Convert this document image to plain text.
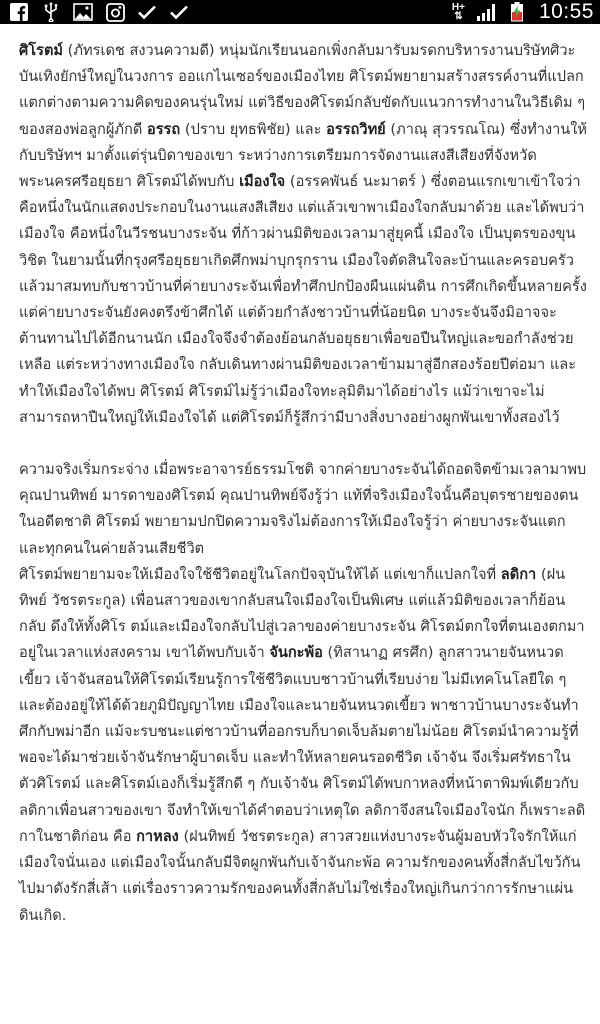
H+
⇅	10:55

ศิโรตม์ (ภัทรเดช สงวนความดี) หนุ่มนักเรียนนอกเพิ่งกลับมารับมรดกบริหารงานบริษัทศิวะบันเทิงยักษ์ใหญ่ในวงการ ออแกไนเซอร์ของเมืองไทย ศิโรตม์พยายามสร้างสรรค์งานที่แปลกแตกต่างตามความคิดของคนรุ่นใหม่ แต่วิธีของศิโรตม์กลับขัดกับแนวการทำงานในวิธีเดิม ๆ ของสองพ่อลูกผู้ภักดี อรรถ (ปราบ ยุทธพิชัย) และ อรรถวิทย์ (ภาณุ สุวรรณโณ) ซึ่งทำงานให้กับบริษัทฯ มาตั้งแต่รุ่นบิดาของเขา ระหว่างการเตรียมการจัดงานแสงสีเสียงที่จังหวัดพระนครศรีอยุธยา ศิโรตม์ได้พบกับ เมืองใจ (อรรคพันธ์ นะมาตร์ ) ซึ่งตอนแรกเขาเข้าใจว่า คือหนึ่งในนักแสดงประกอบในงานแสงสีเสียง แต่แล้วเขาพาเมืองใจกลับมาด้วย และได้พบว่าเมืองใจ คือหนึ่งในวีรชนบางระจัน ที่ก้าวผ่านมิติของเวลามาสู่ยุคนี้ เมืองใจ เป็นบุตรของขุนวิชิต ในยามนั้นที่กรุงศรีอยุธยาเกิดศึกพม่าบุกรุกราน เมืองใจตัดสินใจละบ้านและครอบครัวแล้วมาสมทบกับชาวบ้านที่ค่ายบางระจันเพื่อทำศึกปกป้องผืนแผ่นดิน การศึกเกิดขึ้นหลายครั้ง แต่ค่ายบางระจันยังคงตรึงข้าศึกได้ แต่ด้วยกำลังชาวบ้านที่น้อยนิด บางระจันจึงมิอาจจะต้านทานไปได้อีกนานนัก เมืองใจจึงจำต้องย้อนกลับอยุธยาเพื่อขอปืนใหญ่และขอกำลังช่วยเหลือ แต่ระหว่างทางเมืองใจ กลับเดินทางผ่านมิติของเวลาข้ามมาสู่อีกสองร้อยปีต่อมา และทำให้เมืองใจได้พบ ศิโรตม์ ศิโรตม์ไม่รู้ว่าเมืองใจทะลุมิติมาได้อย่างไร แม้ว่าเขาจะไม่สามารถหาปืนใหญ่ให้เมืองใจได้ แต่ศิโรตม์ก็รู้สึกว่ามีบางสิ่งบางอย่างผูกพันเขาทั้งสองไว้

ความจริงเริ่มกระจ่าง เมื่อพระอาจารย์ธรรมโชติ จากค่ายบางระจันได้ถอดจิตข้ามเวลามาพบคุณปานทิพย์ มารดาของศิโรตม์ คุณปานทิพย์จึงรู้ว่า แท้ที่จริงเมืองใจนั้นคือบุตรชายของตนในอดีตชาติ ศิโรตม์ พยายามปกปิดความจริงไม่ต้องการให้เมืองใจรู้ว่า ค่ายบางระจันแตกและทุกคนในค่ายล้วนเสียชีวิต

ศิโรตม์พยายามจะให้เมืองใจใช้ชีวิตอยู่ในโลกปัจจุบันให้ได้ แต่เขาก็แปลกใจที่ ลดิกา (ฝนทิพย์ วัชรตระกูล) เพื่อนสาวของเขากลับสนใจเมืองใจเป็นพิเศษ แต่แล้วมิติของเวลาก็ย้อนกลับ ดึงให้ทั้งศิโร ตม์และเมืองใจกลับไปสู่เวลาของค่ายบางระจัน ศิโรตม์ตกใจที่ตนเองตกมาอยู่ในเวลาแห่งสงคราม เขาได้พบกับเจ้า จันกะพ้อ (ทิสานาฏ ศรศึก) ลูกสาวนายจันหนวดเขี้ยว เจ้าจันสอนให้ศิโรตม์เรียนรู้การใช้ชีวิตแบบชาวบ้านที่เรียบง่าย ไม่มีเทคโนโลยีใด ๆ และต้องอยู่ให้ได้ด้วยภูมิปัญญาไทย เมืองใจและนายจันหนวดเขี้ยว พาชาวบ้านบางระจันทำศึกกับพม่าอีก แม้จะรบชนะแต่ชาวบ้านที่ออกรบก็บาดเจ็บล้มตายไม่น้อย ศิโรตม์นำความรู้ที่พอจะได้มาช่วยเจ้าจันรักษาผู้บาดเจ็บ และทำให้หลายคนรอดชีวิต เจ้าจัน จึงเริ่มศรัทธาในตัวศิโรตม์ และศิโรตม์เองก็เริ่มรู้สึกดี ๆ กับเจ้าจัน ศิโรตม์ได้พบกาหลงที่หน้าตาพิมพ์เดียวกับลดิกาเพื่อนสาวของเขา จึงทำให้เขาได้คำตอบว่าเหตุใด ลดิกาจึงสนใจเมืองใจนัก ก็เพราะลดิกาในชาติก่อน คือ กาหลง (ฝนทิพย์ วัชรตระกูล) สาวสวยแห่งบางระจันผู้มอบหัวใจรักให้แก่เมืองใจนั่นเอง แต่เมืองใจนั้นกลับมีจิตผูกพันกับเจ้าจันกะพ้อ ความรักของคนทั้งสี่กลับไขว้กันไปมาดังรักสี่เส้า แต่เรื่องราวความรักของคนทั้งสี่กลับไม่ใช่เรื่องใหญ่เกินกว่าการรักษาแผ่นดินเกิด.
